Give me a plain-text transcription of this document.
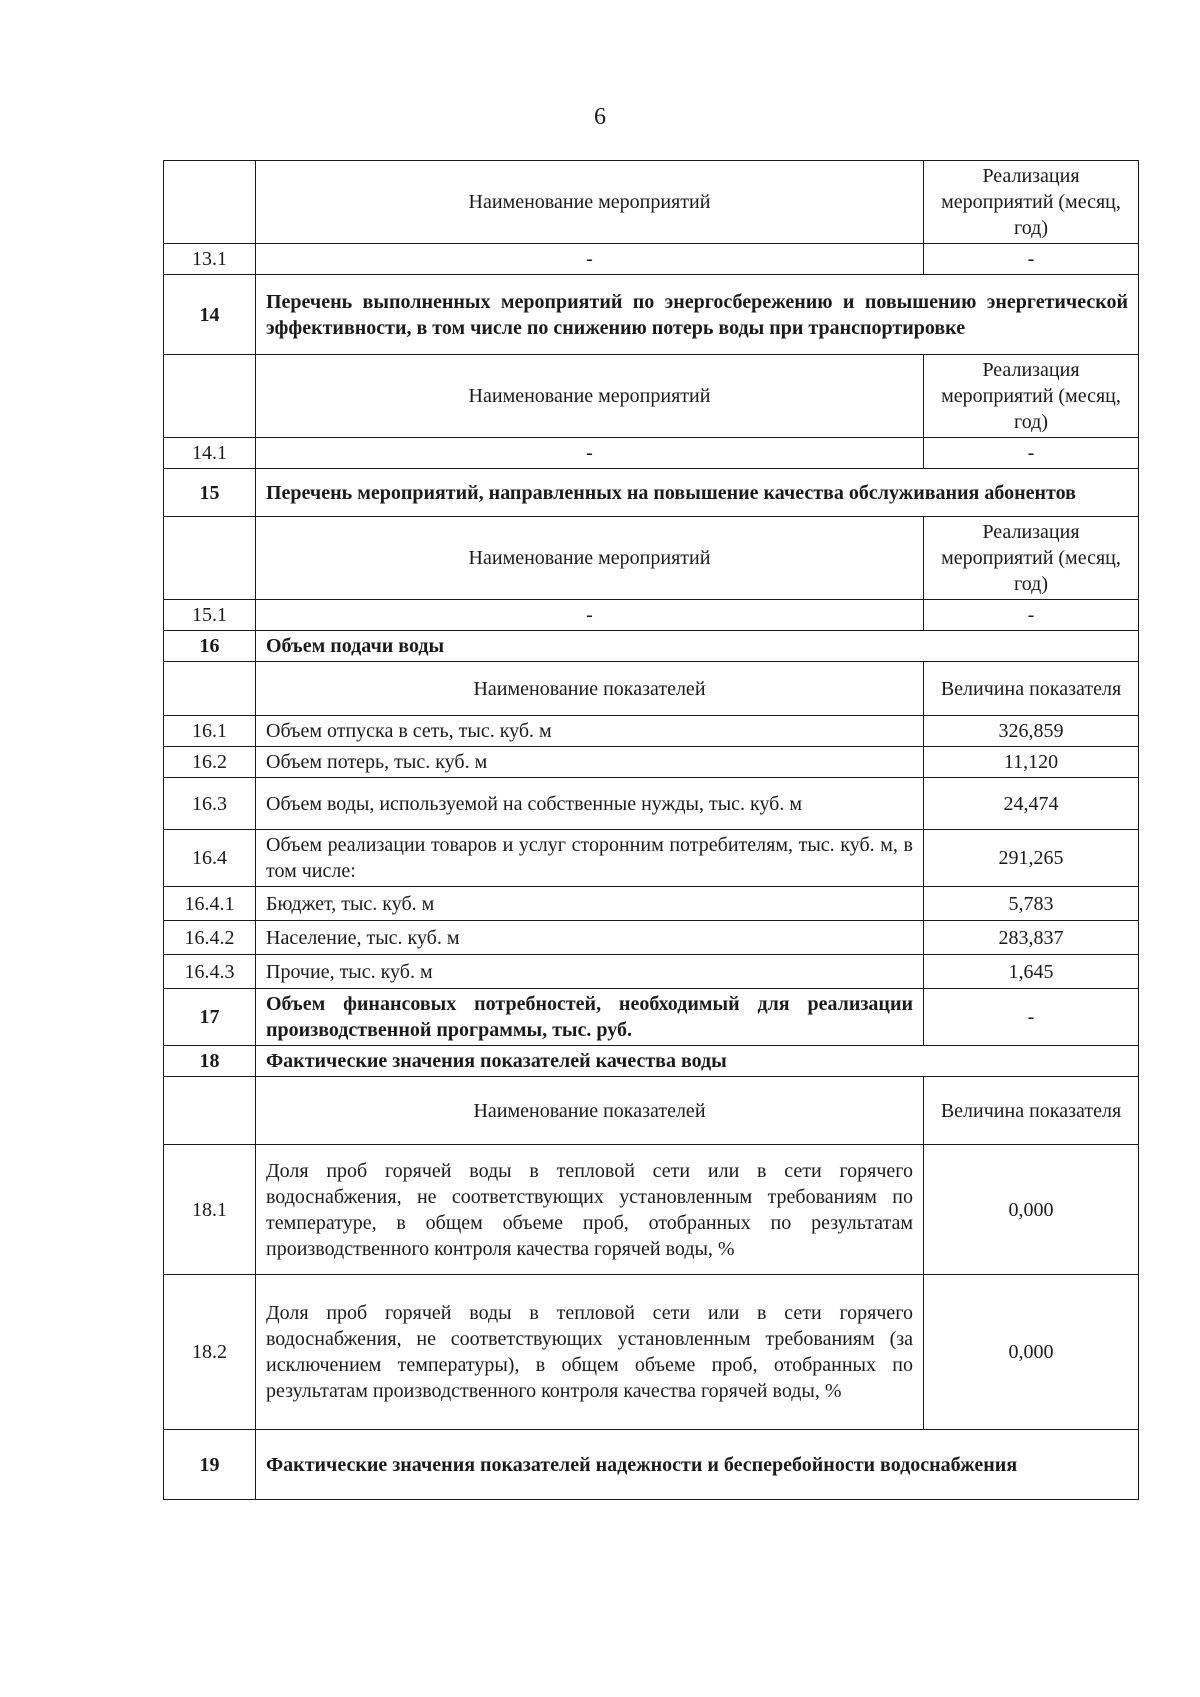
6
	Наименование мероприятий	Реализация мероприятий (месяц, год)
13.1	-	-
14	Перечень выполненных мероприятий по энергосбережению и повышению энергетической эффективности, в том числе по снижению потерь воды при транспортировке	
	Наименование мероприятий	Реализация мероприятий (месяц, год)
14.1	-	-
15	Перечень мероприятий, направленных на повышение качества обслуживания абонентов	
	Наименование мероприятий	Реализация мероприятий (месяц, год)
15.1	-	-
16	Объем подачи воды	
	Наименование показателей	Величина показателя
16.1	Объем отпуска в сеть, тыс. куб. м	326,859
16.2	Объем потерь, тыс. куб. м	11,120
16.3	Объем воды, используемой на собственные нужды, тыс. куб. м	24,474
16.4	Объем реализации товаров и услуг сторонним потребителям, тыс. куб. м, в том числе:	291,265
16.4.1	Бюджет, тыс. куб. м	5,783
16.4.2	Население, тыс. куб. м	283,837
16.4.3	Прочие, тыс. куб. м	1,645
17	Объем финансовых потребностей, необходимый для реализации производственной программы, тыс. руб.	-
18	Фактические значения показателей качества воды	
	Наименование показателей	Величина показателя
18.1	Доля проб горячей воды в тепловой сети или в сети горячего водоснабжения, не соответствующих установленным требованиям по температуре, в общем объеме проб, отобранных по результатам производственного контроля качества горячей воды, %	0,000
18.2	Доля проб горячей воды в тепловой сети или в сети горячего водоснабжения, не соответствующих установленным требованиям (за исключением температуры), в общем объеме проб, отобранных по результатам производственного контроля качества горячей воды, %	0,000
19	Фактические значения показателей надежности и бесперебойности водоснабжения	
